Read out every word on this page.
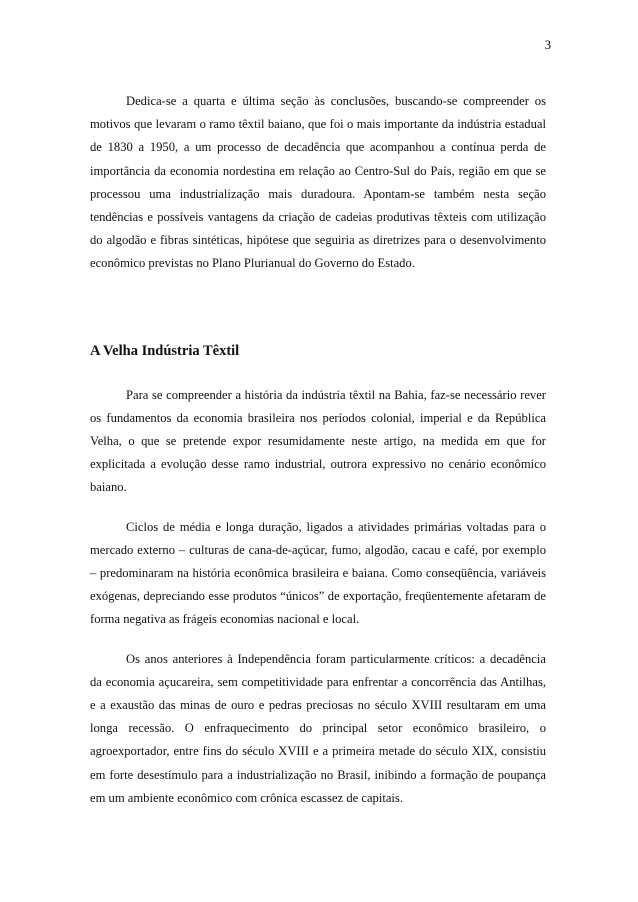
3

Dedica-se a quarta e última seção às conclusões, buscando-se compreender os motivos que levaram o ramo têxtil baiano, que foi o mais importante da indústria estadual de 1830 a 1950, a um processo de decadência que acompanhou a contínua perda de importância da economia nordestina em relação ao Centro-Sul do País, região em que se processou uma industrialização mais duradoura. Apontam-se também nesta seção tendências e possíveis vantagens da criação de cadeias produtivas têxteis com utilização do algodão e fibras sintéticas, hipótese que seguiria as diretrizes para o desenvolvimento econômico previstas no Plano Plurianual do Governo do Estado.

A Velha Indústria Têxtil

Para se compreender a história da indústria têxtil na Bahia, faz-se necessário rever os fundamentos da economia brasileira nos períodos colonial, imperial e da República Velha, o que se pretende expor resumidamente neste artigo, na medida em que for explicitada a evolução desse ramo industrial, outrora expressivo no cenário econômico baiano.

Ciclos de média e longa duração, ligados a atividades primárias voltadas para o mercado externo – culturas de cana-de-açúcar, fumo, algodão, cacau e café, por exemplo – predominaram na história econômica brasileira e baiana. Como conseqüência, variáveis exógenas, depreciando esse produtos “únicos” de exportação, freqüentemente afetaram de forma negativa as frágeis economias nacional e local.

Os anos anteriores à Independência foram particularmente críticos: a decadência da economia açucareira, sem competitividade para enfrentar a concorrência das Antilhas, e a exaustão das minas de ouro e pedras preciosas no século XVIII resultaram em uma longa recessão. O enfraquecimento do principal setor econômico brasileiro, o agroexportador, entre fins do século XVIII e a primeira metade do século XIX, consistiu em forte desestímulo para a industrialização no Brasil, inibindo a formação de poupança em um ambiente econômico com crônica escassez de capitais.
